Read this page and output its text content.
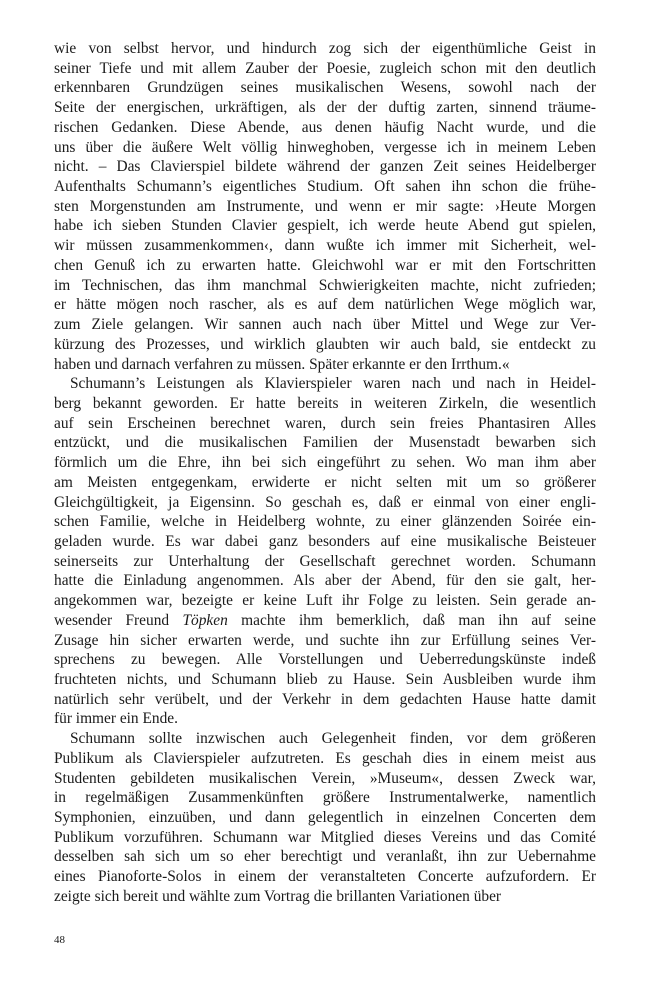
wie von selbst hervor, und hindurch zog sich der eigenthümliche Geist in
seiner Tiefe und mit allem Zauber der Poesie, zugleich schon mit den deutlich
erkennbaren Grundzügen seines musikalischen Wesens, sowohl nach der
Seite der energischen, urkräftigen, als der der duftig zarten, sinnend träume-
rischen Gedanken. Diese Abende, aus denen häufig Nacht wurde, und die
uns über die äußere Welt völlig hinweghoben, vergesse ich in meinem Leben
nicht. – Das Clavierspiel bildete während der ganzen Zeit seines Heidelberger
Aufenthalts Schumann’s eigentliches Studium. Oft sahen ihn schon die frühe-
sten Morgenstunden am Instrumente, und wenn er mir sagte: ›Heute Morgen
habe ich sieben Stunden Clavier gespielt, ich werde heute Abend gut spielen,
wir müssen zusammenkommen‹, dann wußte ich immer mit Sicherheit, wel-
chen Genuß ich zu erwarten hatte. Gleichwohl war er mit den Fortschritten
im Technischen, das ihm manchmal Schwierigkeiten machte, nicht zufrieden;
er hätte mögen noch rascher, als es auf dem natürlichen Wege möglich war,
zum Ziele gelangen. Wir sannen auch nach über Mittel und Wege zur Ver-
kürzung des Prozesses, und wirklich glaubten wir auch bald, sie entdeckt zu
haben und darnach verfahren zu müssen. Später erkannte er den Irrthum.«
Schumann’s Leistungen als Klavierspieler waren nach und nach in Heidel-
berg bekannt geworden. Er hatte bereits in weiteren Zirkeln, die wesentlich
auf sein Erscheinen berechnet waren, durch sein freies Phantasiren Alles
entzückt, und die musikalischen Familien der Musenstadt bewarben sich
förmlich um die Ehre, ihn bei sich eingeführt zu sehen. Wo man ihm aber
am Meisten entgegenkam, erwiderte er nicht selten mit um so größerer
Gleichgültigkeit, ja Eigensinn. So geschah es, daß er einmal von einer engli-
schen Familie, welche in Heidelberg wohnte, zu einer glänzenden Soirée ein-
geladen wurde. Es war dabei ganz besonders auf eine musikalische Beisteuer
seinerseits zur Unterhaltung der Gesellschaft gerechnet worden. Schumann
hatte die Einladung angenommen. Als aber der Abend, für den sie galt, her-
angekommen war, bezeigte er keine Luft ihr Folge zu leisten. Sein gerade an-
wesender Freund Töpken machte ihm bemerklich, daß man ihn auf seine
Zusage hin sicher erwarten werde, und suchte ihn zur Erfüllung seines Ver-
sprechens zu bewegen. Alle Vorstellungen und Ueberredungskünste indeß
fruchteten nichts, und Schumann blieb zu Hause. Sein Ausbleiben wurde ihm
natürlich sehr verübelt, und der Verkehr in dem gedachten Hause hatte damit
für immer ein Ende.
Schumann sollte inzwischen auch Gelegenheit finden, vor dem größeren
Publikum als Clavierspieler aufzutreten. Es geschah dies in einem meist aus
Studenten gebildeten musikalischen Verein, »Museum«, dessen Zweck war,
in regelmäßigen Zusammenkünften größere Instrumentalwerke, namentlich
Symphonien, einzuüben, und dann gelegentlich in einzelnen Concerten dem
Publikum vorzuführen. Schumann war Mitglied dieses Vereins und das Comité
desselben sah sich um so eher berechtigt und veranlaßt, ihn zur Uebernahme
eines Pianoforte-Solos in einem der veranstalteten Concerte aufzufordern. Er
zeigte sich bereit und wählte zum Vortrag die brillanten Variationen über
48
